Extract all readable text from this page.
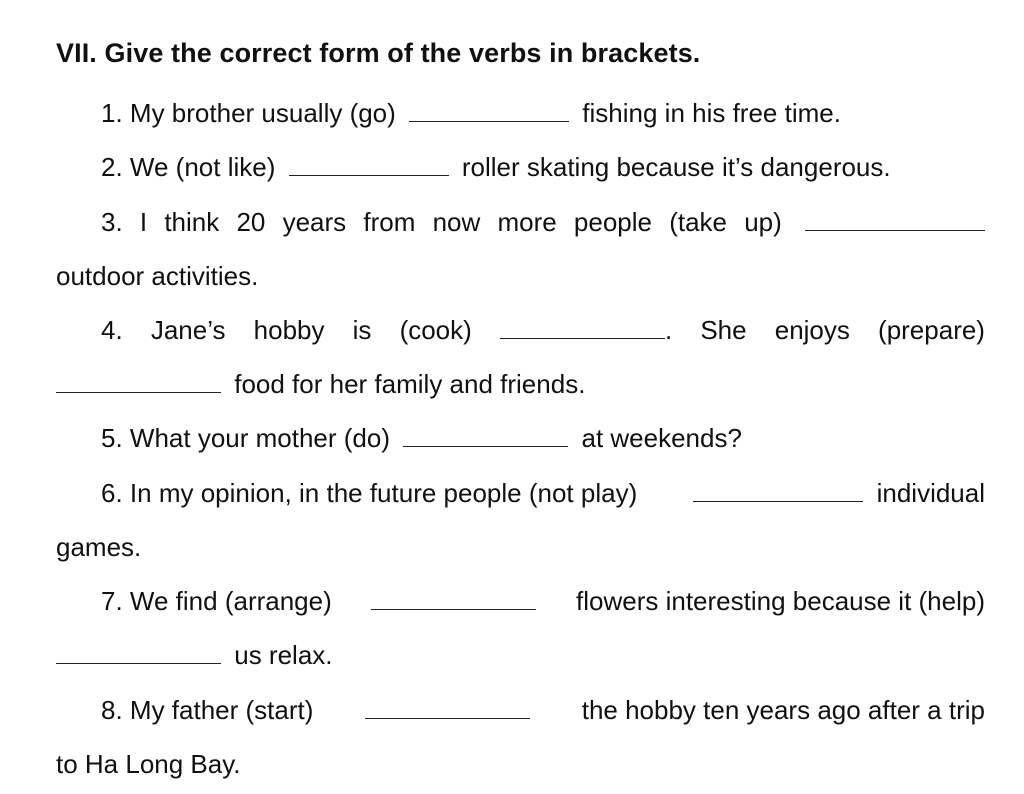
VII. Give the correct form of the verbs in brackets.
1. My brother usually (go)	fishing in his free time.
2. We (not like)	roller skating because it’s dangerous.
3. I think 20 years from now more people (take up)
outdoor activities.
4. Jane’s hobby is (cook)	. She enjoys (prepare)
food for her family and friends.
5. What your mother (do)	at weekends?
6. In my opinion, in the future people (not play)	individual
games.
7. We find (arrange)	flowers interesting because it (help)
us relax.
8. My father (start)	the hobby ten years ago after a trip
to Ha Long Bay.
